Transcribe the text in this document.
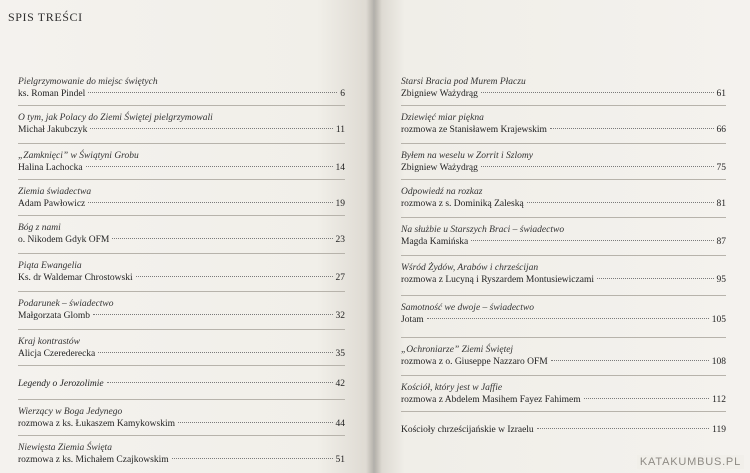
SPIS TREŚCI
Pielgrzymowanie do miejsc świętych
ks. Roman Pindel	6
O tym, jak Polacy do Ziemi Świętej pielgrzymowali
Michał Jakubczyk	11
„Zamknięci” w Świątyni Grobu
Halina Lachocka	14
Ziemia świadectwa
Adam Pawłowicz	19
Bóg z nami
o. Nikodem Gdyk OFM	23
Piąta Ewangelia
Ks. dr Waldemar Chrostowski	27
Podarunek – świadectwo
Małgorzata Glomb	32
Kraj kontrastów
Alicja Czerederecka	35
Legendy o Jerozolimie	42
Wierzący w Boga Jedynego
rozmowa z ks. Łukaszem Kamykowskim	44
Niewięsta Ziemia Święta
rozmowa z ks. Michałem Czajkowskim	51
Starsi Bracia pod Murem Płaczu
Zbigniew Ważydrąg	61
Dziewięć miar piękna
rozmowa ze Stanisławem Krajewskim	66
Byłem na weselu w Zorrit i Szlomy
Zbigniew Ważydrąg	75
Odpowiedź na rozkaz
rozmowa z s. Dominiką Zaleską	81
Na służbie u Starszych Braci – świadectwo
Magda Kamińska	87
Wśród Żydów, Arabów i chrześcijan
rozmowa z Lucyną i Ryszardem Montusiewiczami	95
Samotność we dwoje – świadectwo
Jotam	105
„Ochroniarze” Ziemi Świętej
rozmowa z o. Giuseppe Nazzaro OFM	108
Kościół, który jest w Jaffie
rozmowa z Abdelem Masihem Fayez Fahimem	112
Kościoły chrześcijańskie w Izraelu	119
KATAKUMBUS.PL
